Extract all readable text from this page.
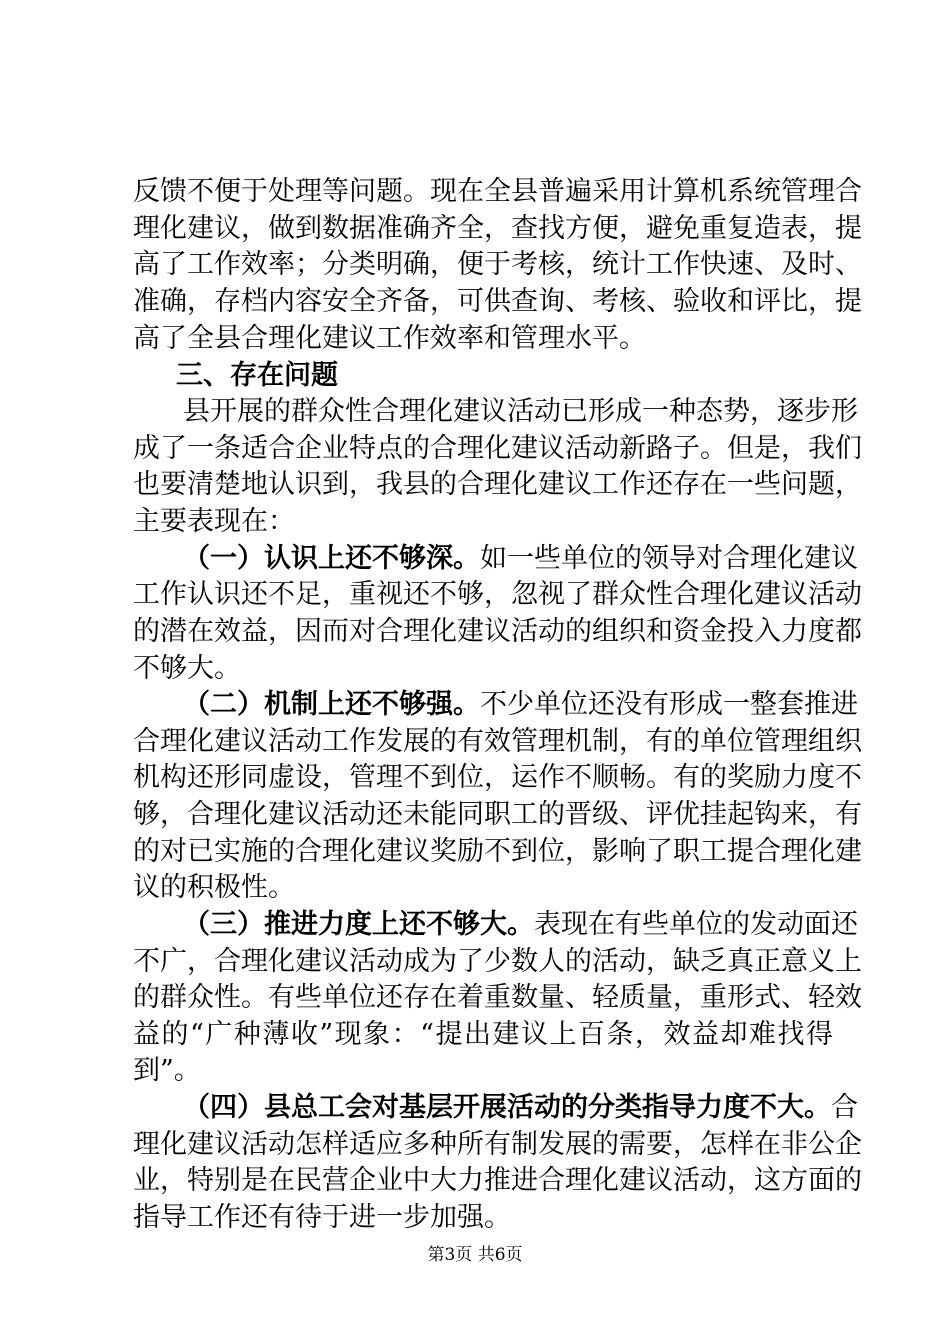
反馈不便于处理等问题。现在全县普遍采用计算机系统管理合
理化建议，做到数据准确齐全，查找方便，避免重复造表，提
高了工作效率；分类明确，便于考核，统计工作快速、及时、
准确，存档内容安全齐备，可供查询、考核、验收和评比，提
高了全县合理化建议工作效率和管理水平。
三、存在问题
县开展的群众性合理化建议活动已形成一种态势，逐步形
成了一条适合企业特点的合理化建议活动新路子。但是，我们
也要清楚地认识到，我县的合理化建议工作还存在一些问题，
主要表现在：
（一）认识上还不够深。如一些单位的领导对合理化建议
工作认识还不足，重视还不够，忽视了群众性合理化建议活动
的潜在效益，因而对合理化建议活动的组织和资金投入力度都
不够大。
（二）机制上还不够强。不少单位还没有形成一整套推进
合理化建议活动工作发展的有效管理机制，有的单位管理组织
机构还形同虚设，管理不到位，运作不顺畅。有的奖励力度不
够，合理化建议活动还未能同职工的晋级、评优挂起钩来，有
的对已实施的合理化建议奖励不到位，影响了职工提合理化建
议的积极性。
（三）推进力度上还不够大。表现在有些单位的发动面还
不广，合理化建议活动成为了少数人的活动，缺乏真正意义上
的群众性。有些单位还存在着重数量、轻质量，重形式、轻效
益的“广种薄收”现象：“提出建议上百条，效益却难找得
到”。
（四）县总工会对基层开展活动的分类指导力度不大。合
理化建议活动怎样适应多种所有制发展的需要，怎样在非公企
业，特别是在民营企业中大力推进合理化建议活动，这方面的
指导工作还有待于进一步加强。
第3页 共6页
